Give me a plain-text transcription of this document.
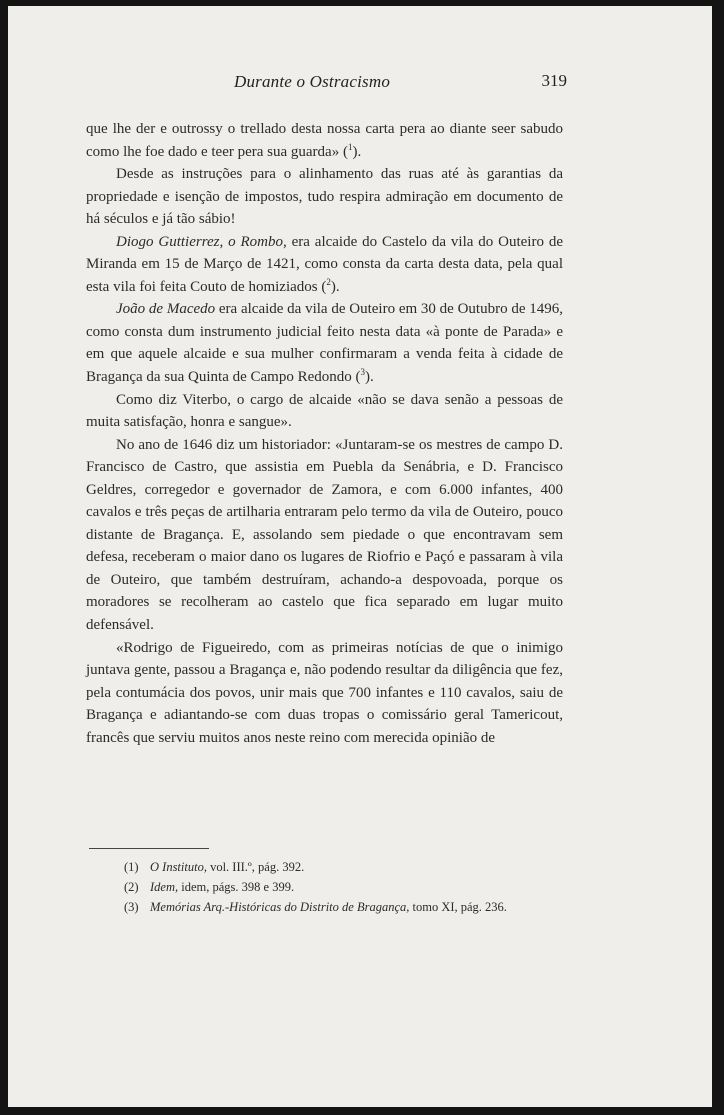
Durante o Ostracismo	319

que lhe der e outrossy o trellado desta nossa carta pera ao diante seer sabudo como lhe foe dado e teer pera sua guarda» ($^1$).

Desde as instruções para o alinhamento das ruas até às garantias da propriedade e isenção de impostos, tudo respira admiração em documento de há séculos e já tão sábio!

Diogo Guttierrez, o Rombo, era alcaide do Castelo da vila do Outeiro de Miranda em 15 de Março de 1421, como consta da carta desta data, pela qual esta vila foi feita Couto de homiziados ($^2$).

João de Macedo era alcaide da vila de Outeiro em 30 de Outubro de 1496, como consta dum instrumento judicial feito nesta data «à ponte de Parada» e em que aquele alcaide e sua mulher confirmaram a venda feita à cidade de Bragança da sua Quinta de Campo Redondo ($^3$).

Como diz Viterbo, o cargo de alcaide «não se dava senão a pessoas de muita satisfação, honra e sangue».

No ano de 1646 diz um historiador: «Juntaram-se os mestres de campo D. Francisco de Castro, que assistia em Puebla da Senábria, e D. Francisco Geldres, corregedor e governador de Zamora, e com 6.000 infantes, 400 cavalos e três peças de artilharia entraram pelo termo da vila de Outeiro, pouco distante de Bragança. E, assolando sem piedade o que encontravam sem defesa, receberam o maior dano os lugares de Riofrio e Paçó e passaram à vila de Outeiro, que também destruíram, achando-a despovoada, porque os moradores se recolheram ao castelo que fica separado em lugar muito defensável.

«Rodrigo de Figueiredo, com as primeiras notícias de que o inimigo juntava gente, passou a Bragança e, não podendo resultar da diligência que fez, pela contumácia dos povos, unir mais que 700 infantes e 110 cavalos, saiu de Bragança e adiantando-se com duas tropas o comissário geral Tamericout, francês que serviu muitos anos neste reino com merecida opinião de

(1) O Instituto, vol. III.º, pág. 392.

(2) Idem, idem, págs. 398 e 399.

(3) Memórias Arq.-Históricas do Distrito de Bragança, tomo XI, pág. 236.
